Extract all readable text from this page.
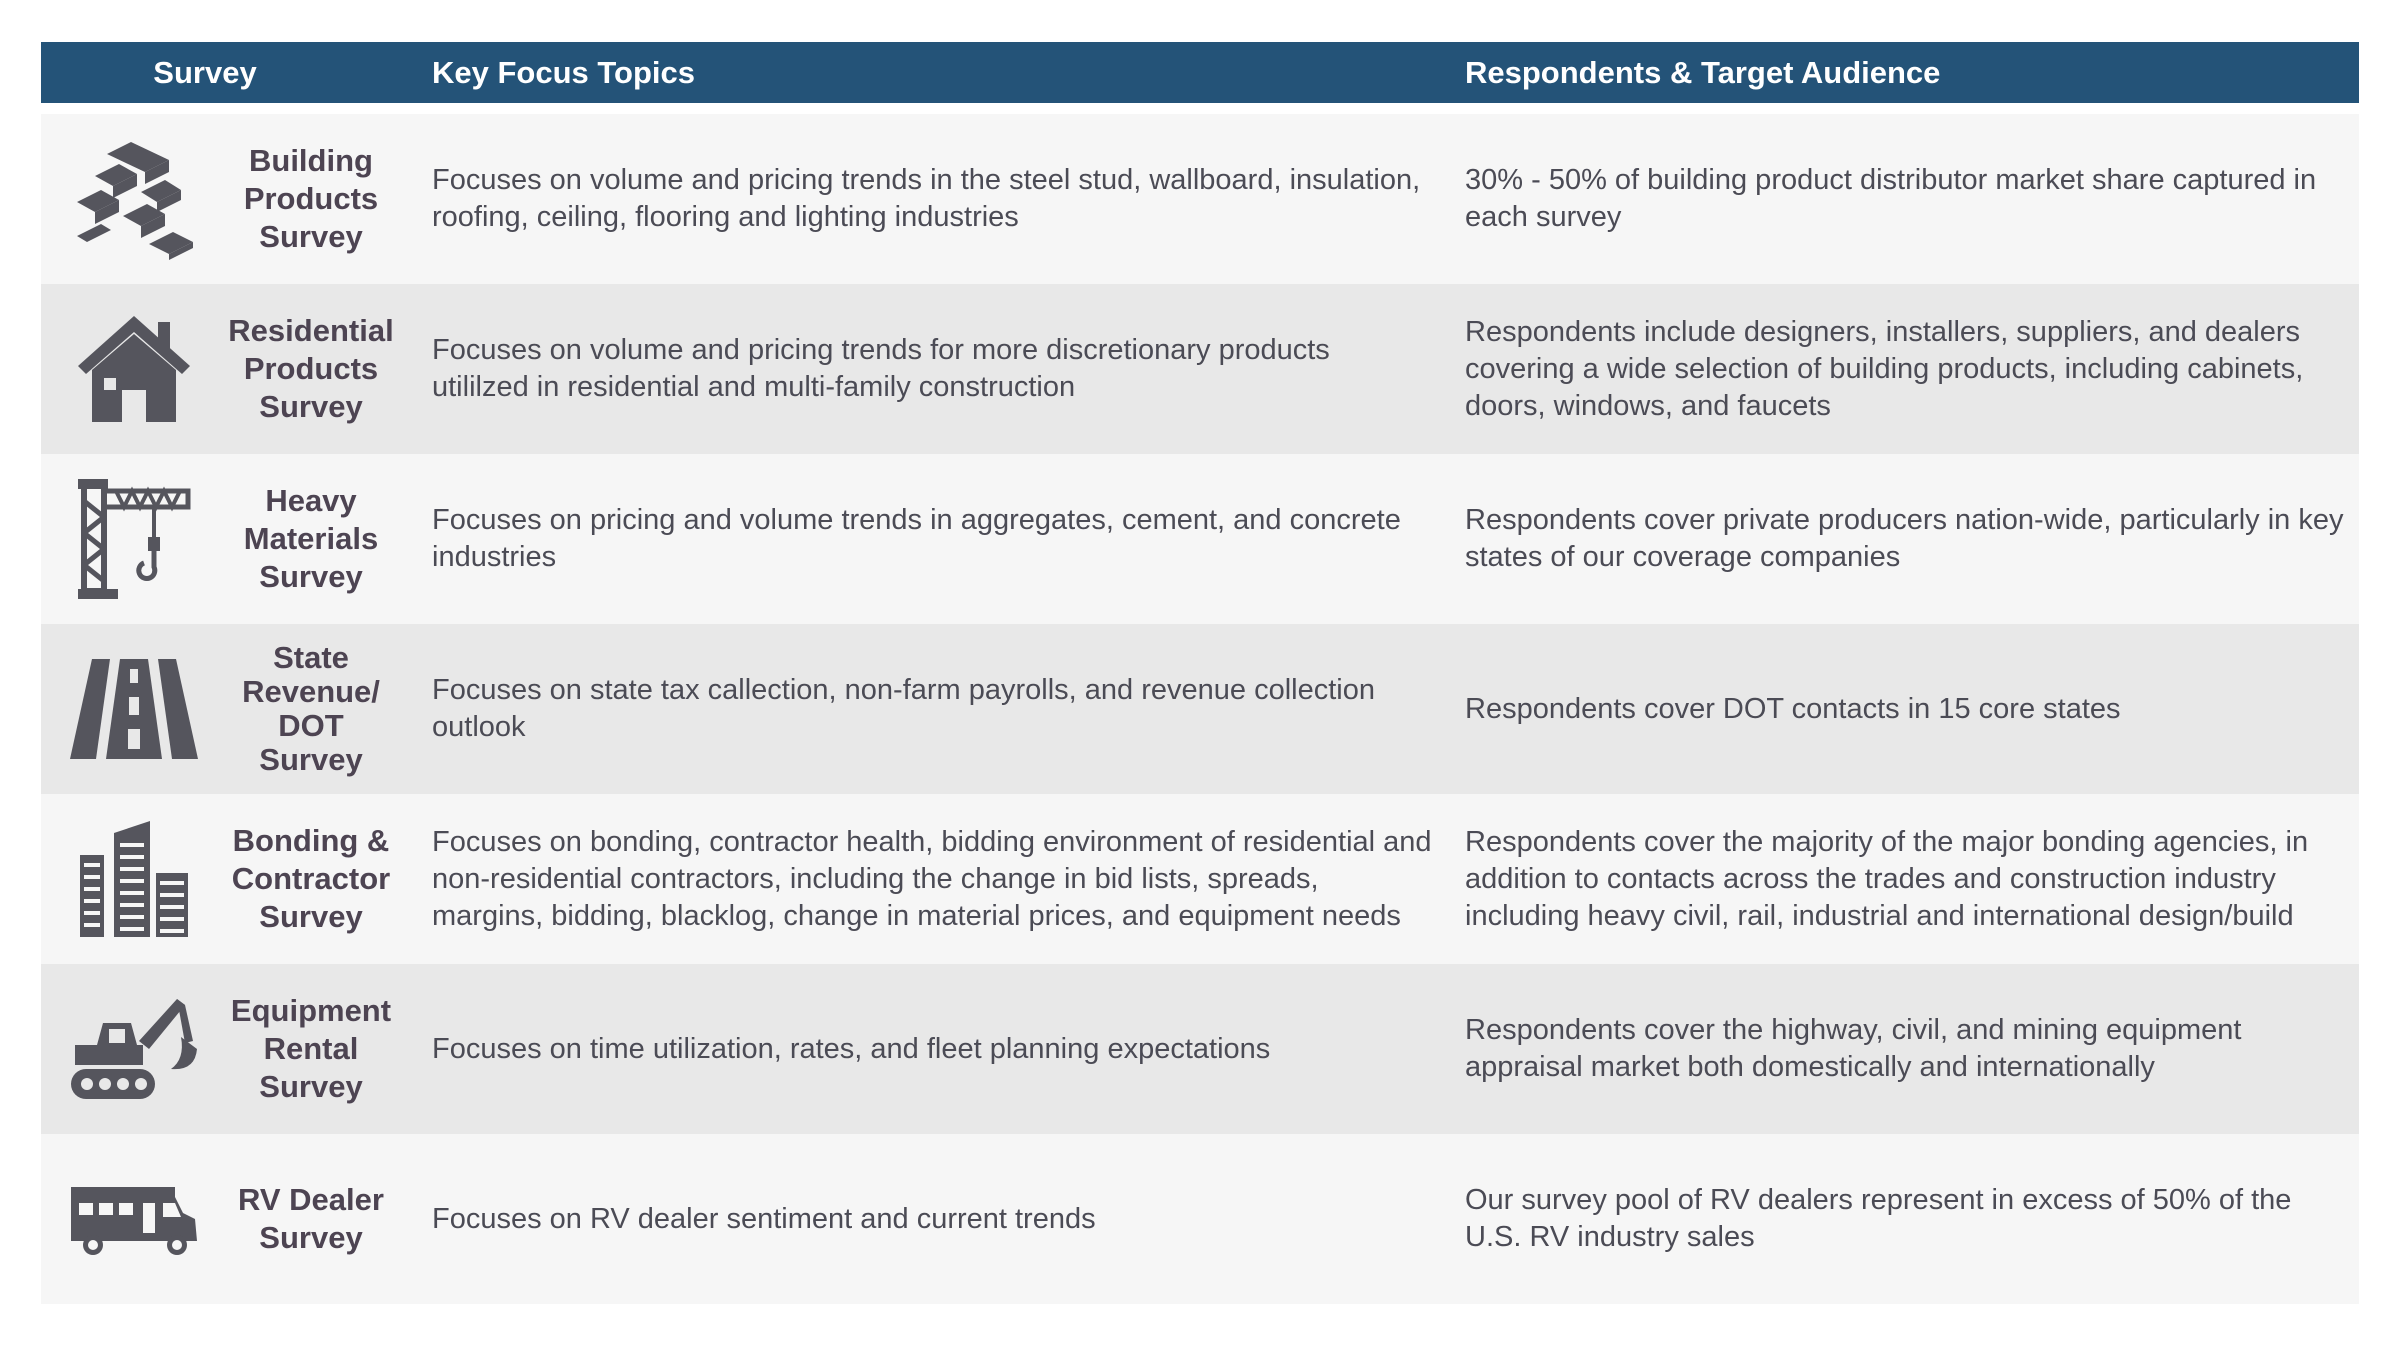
Survey	Key Focus Topics	Respondents & Target Audience
Building
Products
Survey
Focuses on volume and pricing trends in the steel stud, wallboard, insulation, roofing, ceiling, flooring and lighting industries
30% - 50% of building product distributor market share captured in each survey
Residential
Products
Survey
Focuses on volume and pricing trends for more discretionary products utililzed in residential and multi-family construction
Respondents include designers, installers, suppliers, and dealers covering a wide selection of building products, including cabinets, doors, windows, and faucets
Heavy
Materials
Survey
Focuses on pricing and volume trends in aggregates, cement, and concrete industries
Respondents cover private producers nation-wide, particularly in key states of our coverage companies
State
Revenue/
DOT
Survey
Focuses on state tax callection, non-farm payrolls, and revenue collection outlook
Respondents cover DOT contacts in 15 core states
Bonding &
Contractor
Survey
Focuses on bonding, contractor health, bidding environment of residential and non-residential contractors, including the change in bid lists, spreads, margins, bidding, blacklog, change in material prices, and equipment needs
Respondents cover the majority of the major bonding agencies, in addition to contacts across the trades and construction industry including heavy civil, rail, industrial and international design/build
Equipment
Rental
Survey
Focuses on time utilization, rates, and fleet planning expectations
Respondents cover the highway, civil, and mining equipment appraisal market both domestically and internationally
RV Dealer
Survey
Focuses on RV dealer sentiment and current trends
Our survey pool of RV dealers represent in excess of 50% of the U.S. RV industry sales
